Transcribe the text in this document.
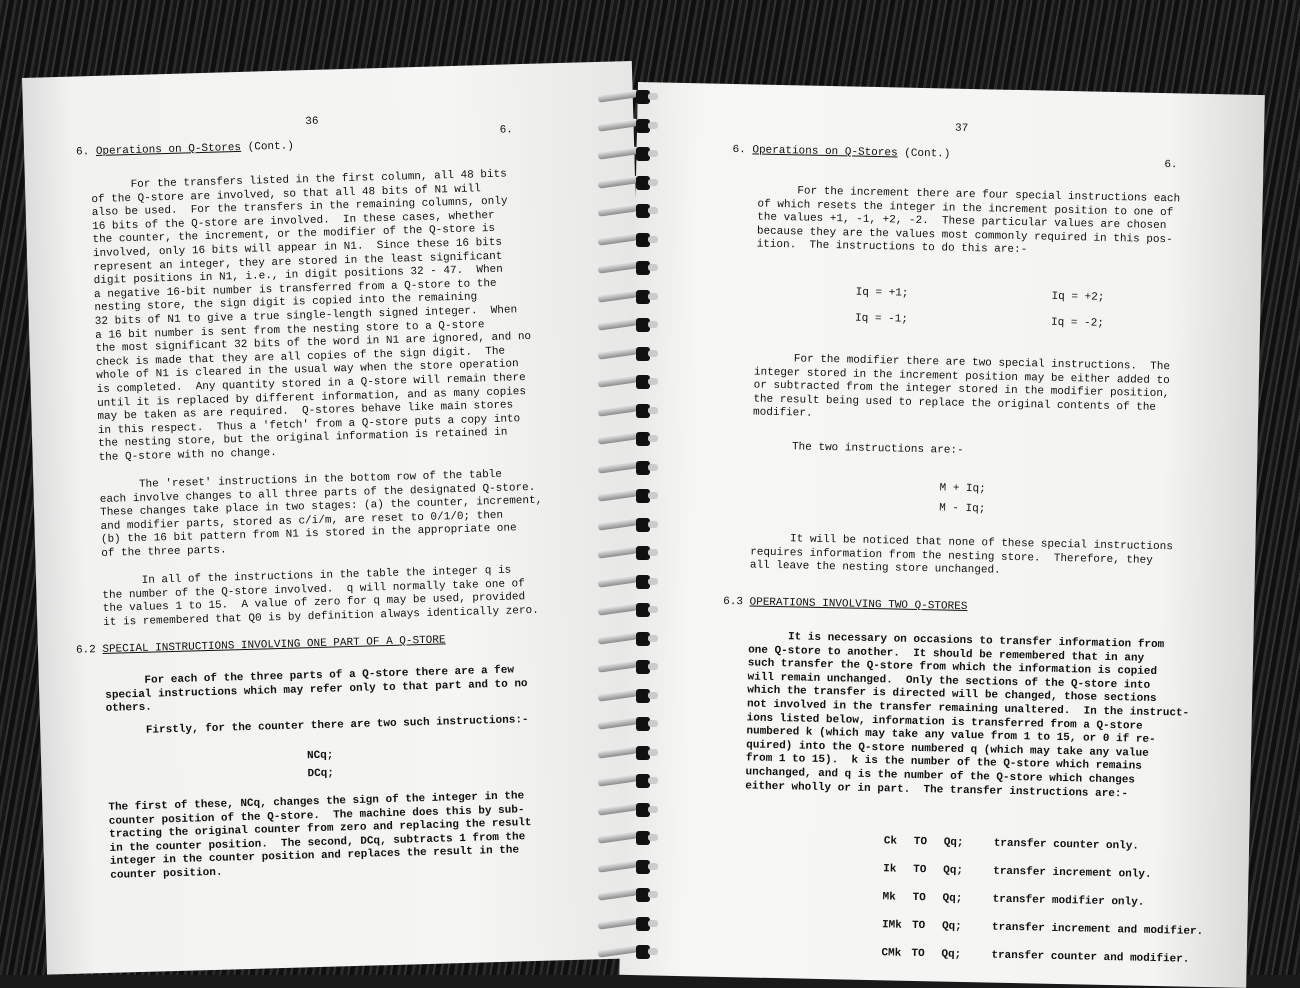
36
6. Operations on Q-Stores (Cont.)
6.
For the transfers listed in the first column, all 48 bits
of the Q-store are involved, so that all 48 bits of N1 will
also be used.  For the transfers in the remaining columns, only
16 bits of the Q-store are involved.  In these cases, whether
the counter, the increment, or the modifier of the Q-store is
involved, only 16 bits will appear in N1.  Since these 16 bits
represent an integer, they are stored in the least significant
digit positions in N1, i.e., in digit positions 32 - 47.  When
a negative 16-bit number is transferred from a Q-store to the
nesting store, the sign digit is copied into the remaining
32 bits of N1 to give a true single-length signed integer.  When
a 16 bit number is sent from the nesting store to a Q-store
the most significant 32 bits of the word in N1 are ignored, and no
check is made that they are all copies of the sign digit.  The
whole of N1 is cleared in the usual way when the store operation
is completed.  Any quantity stored in a Q-store will remain there
until it is replaced by different information, and as many copies
may be taken as are required.  Q-stores behave like main stores
in this respect.  Thus a 'fetch' from a Q-store puts a copy into
the nesting store, but the original information is retained in
the Q-store with no change.
The 'reset' instructions in the bottom row of the table
each involve changes to all three parts of the designated Q-store.
These changes take place in two stages: (a) the counter, increment,
and modifier parts, stored as c/i/m, are reset to 0/1/0; then
(b) the 16 bit pattern from N1 is stored in the appropriate one
of the three parts.
In all of the instructions in the table the integer q is
the number of the Q-store involved.  q will normally take one of
the values 1 to 15.  A value of zero for q may be used, provided
it is remembered that Q0 is by definition always identically zero.
6.2 SPECIAL INSTRUCTIONS INVOLVING ONE PART OF A Q-STORE
For each of the three parts of a Q-store there are a few
special instructions which may refer only to that part and to no
others.
Firstly, for the counter there are two such instructions:-
NCq;
DCq;
The first of these, NCq, changes the sign of the integer in the
counter position of the Q-store.  The machine does this by sub-
tracting the original counter from zero and replacing the result
in the counter position.  The second, DCq, subtracts 1 from the
integer in the counter position and replaces the result in the
counter position.
37
6. Operations on Q-Stores (Cont.)
6.
For the increment there are four special instructions each
of which resets the integer in the increment position to one of
the values +1, -1, +2, -2.  These particular values are chosen
because they are the values most commonly required in this pos-
ition.  The instructions to do this are:-
Iq = +1;	Iq = +2;
Iq = -1;	Iq = -2;
For the modifier there are two special instructions.  The
integer stored in the increment position may be either added to
or subtracted from the integer stored in the modifier position,
the result being used to replace the original contents of the
modifier.
The two instructions are:-
M + Iq;
M - Iq;
It will be noticed that none of these special instructions
requires information from the nesting store.  Therefore, they
all leave the nesting store unchanged.
6.3 OPERATIONS INVOLVING TWO Q-STORES
It is necessary on occasions to transfer information from
one Q-store to another.  It should be remembered that in any
such transfer the Q-store from which the information is copied
will remain unchanged.  Only the sections of the Q-store into
which the transfer is directed will be changed, those sections
not involved in the transfer remaining unaltered.  In the instruct-
ions listed below, information is transferred from a Q-store
numbered k (which may take any value from 1 to 15, or 0 if re-
quired) into the Q-store numbered q (which may take any value
from 1 to 15).  k is the number of the Q-store which remains
unchanged, and q is the number of the Q-store which changes
either wholly or in part.  The transfer instructions are:-

Ck TO Qq;	transfer counter only.

Ik TO Qq;	transfer increment only.

Mk TO Qq;	transfer modifier only.

IMk TO Qq;	transfer increment and modifier.

CMk TO Qq;	transfer counter and modifier.
